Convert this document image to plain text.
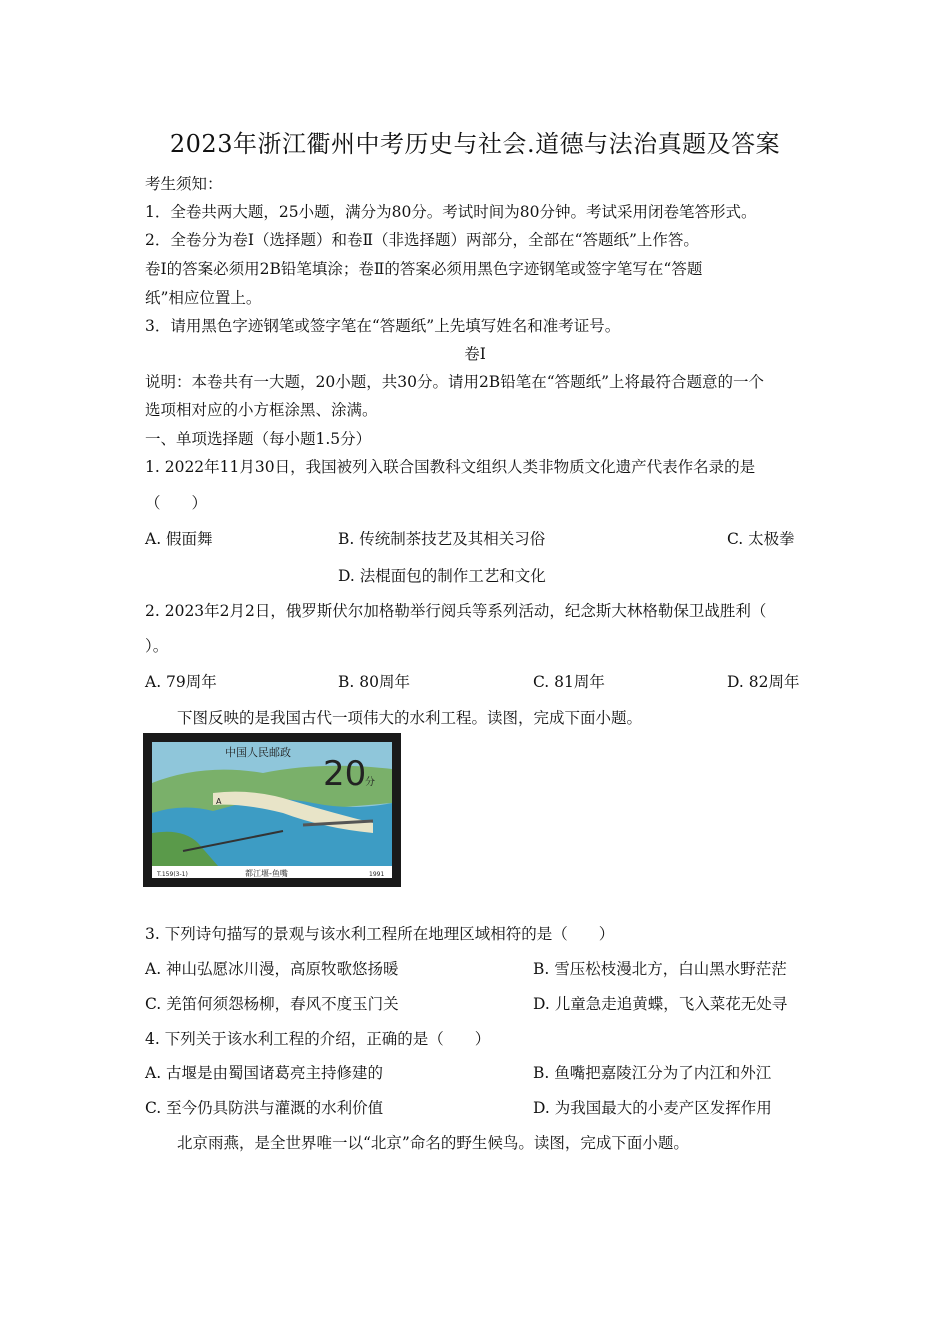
2023年浙江衢州中考历史与社会.道德与法治真题及答案
考生须知：
1．全卷共两大题，25小题，满分为80分。考试时间为80分钟。考试采用闭卷笔答形式。
2．全卷分为卷Ⅰ（选择题）和卷Ⅱ（非选择题）两部分，全部在“答题纸”上作答。
卷Ⅰ的答案必须用2B铅笔填涂；卷Ⅱ的答案必须用黑色字迹钢笔或签字笔写在“答题
纸”相应位置上。
3．请用黑色字迹钢笔或签字笔在“答题纸”上先填写姓名和准考证号。
卷Ⅰ
说明：本卷共有一大题，20小题，共30分。请用2B铅笔在“答题纸”上将最符合题意的一个
选项相对应的小方框涂黑、涂满。
一、单项选择题（每小题1.5分）
1. 2022年11月30日，我国被列入联合国教科文组织人类非物质文化遗产代表作名录的是
（　　）
A. 假面舞	B. 传统制茶技艺及其相关习俗	C. 太极拳
D. 法棍面包的制作工艺和文化
2. 2023年2月2日，俄罗斯伏尔加格勒举行阅兵等系列活动，纪念斯大林格勒保卫战胜利（
）。
A. 79周年	B. 80周年	C. 81周年	D. 82周年
下图反映的是我国古代一项伟大的水利工程。读图，完成下面小题。
A
中国人民邮政
20
分
T.159(3-1)	都江堰-鱼嘴	1991
3. 下列诗句描写的景观与该水利工程所在地理区域相符的是（　　）
A. 神山弘愿冰川漫，高原牧歌悠扬暖	B. 雪压松枝漫北方，白山黑水野茫茫
C. 羌笛何须怨杨柳，春风不度玉门关	D. 儿童急走追黄蝶，飞入菜花无处寻
4. 下列关于该水利工程的介绍，正确的是（　　）
A. 古堰是由蜀国诸葛亮主持修建的	B. 鱼嘴把嘉陵江分为了内江和外江
C. 至今仍具防洪与灌溉的水利价值	D. 为我国最大的小麦产区发挥作用
北京雨燕，是全世界唯一以“北京”命名的野生候鸟。读图，完成下面小题。
